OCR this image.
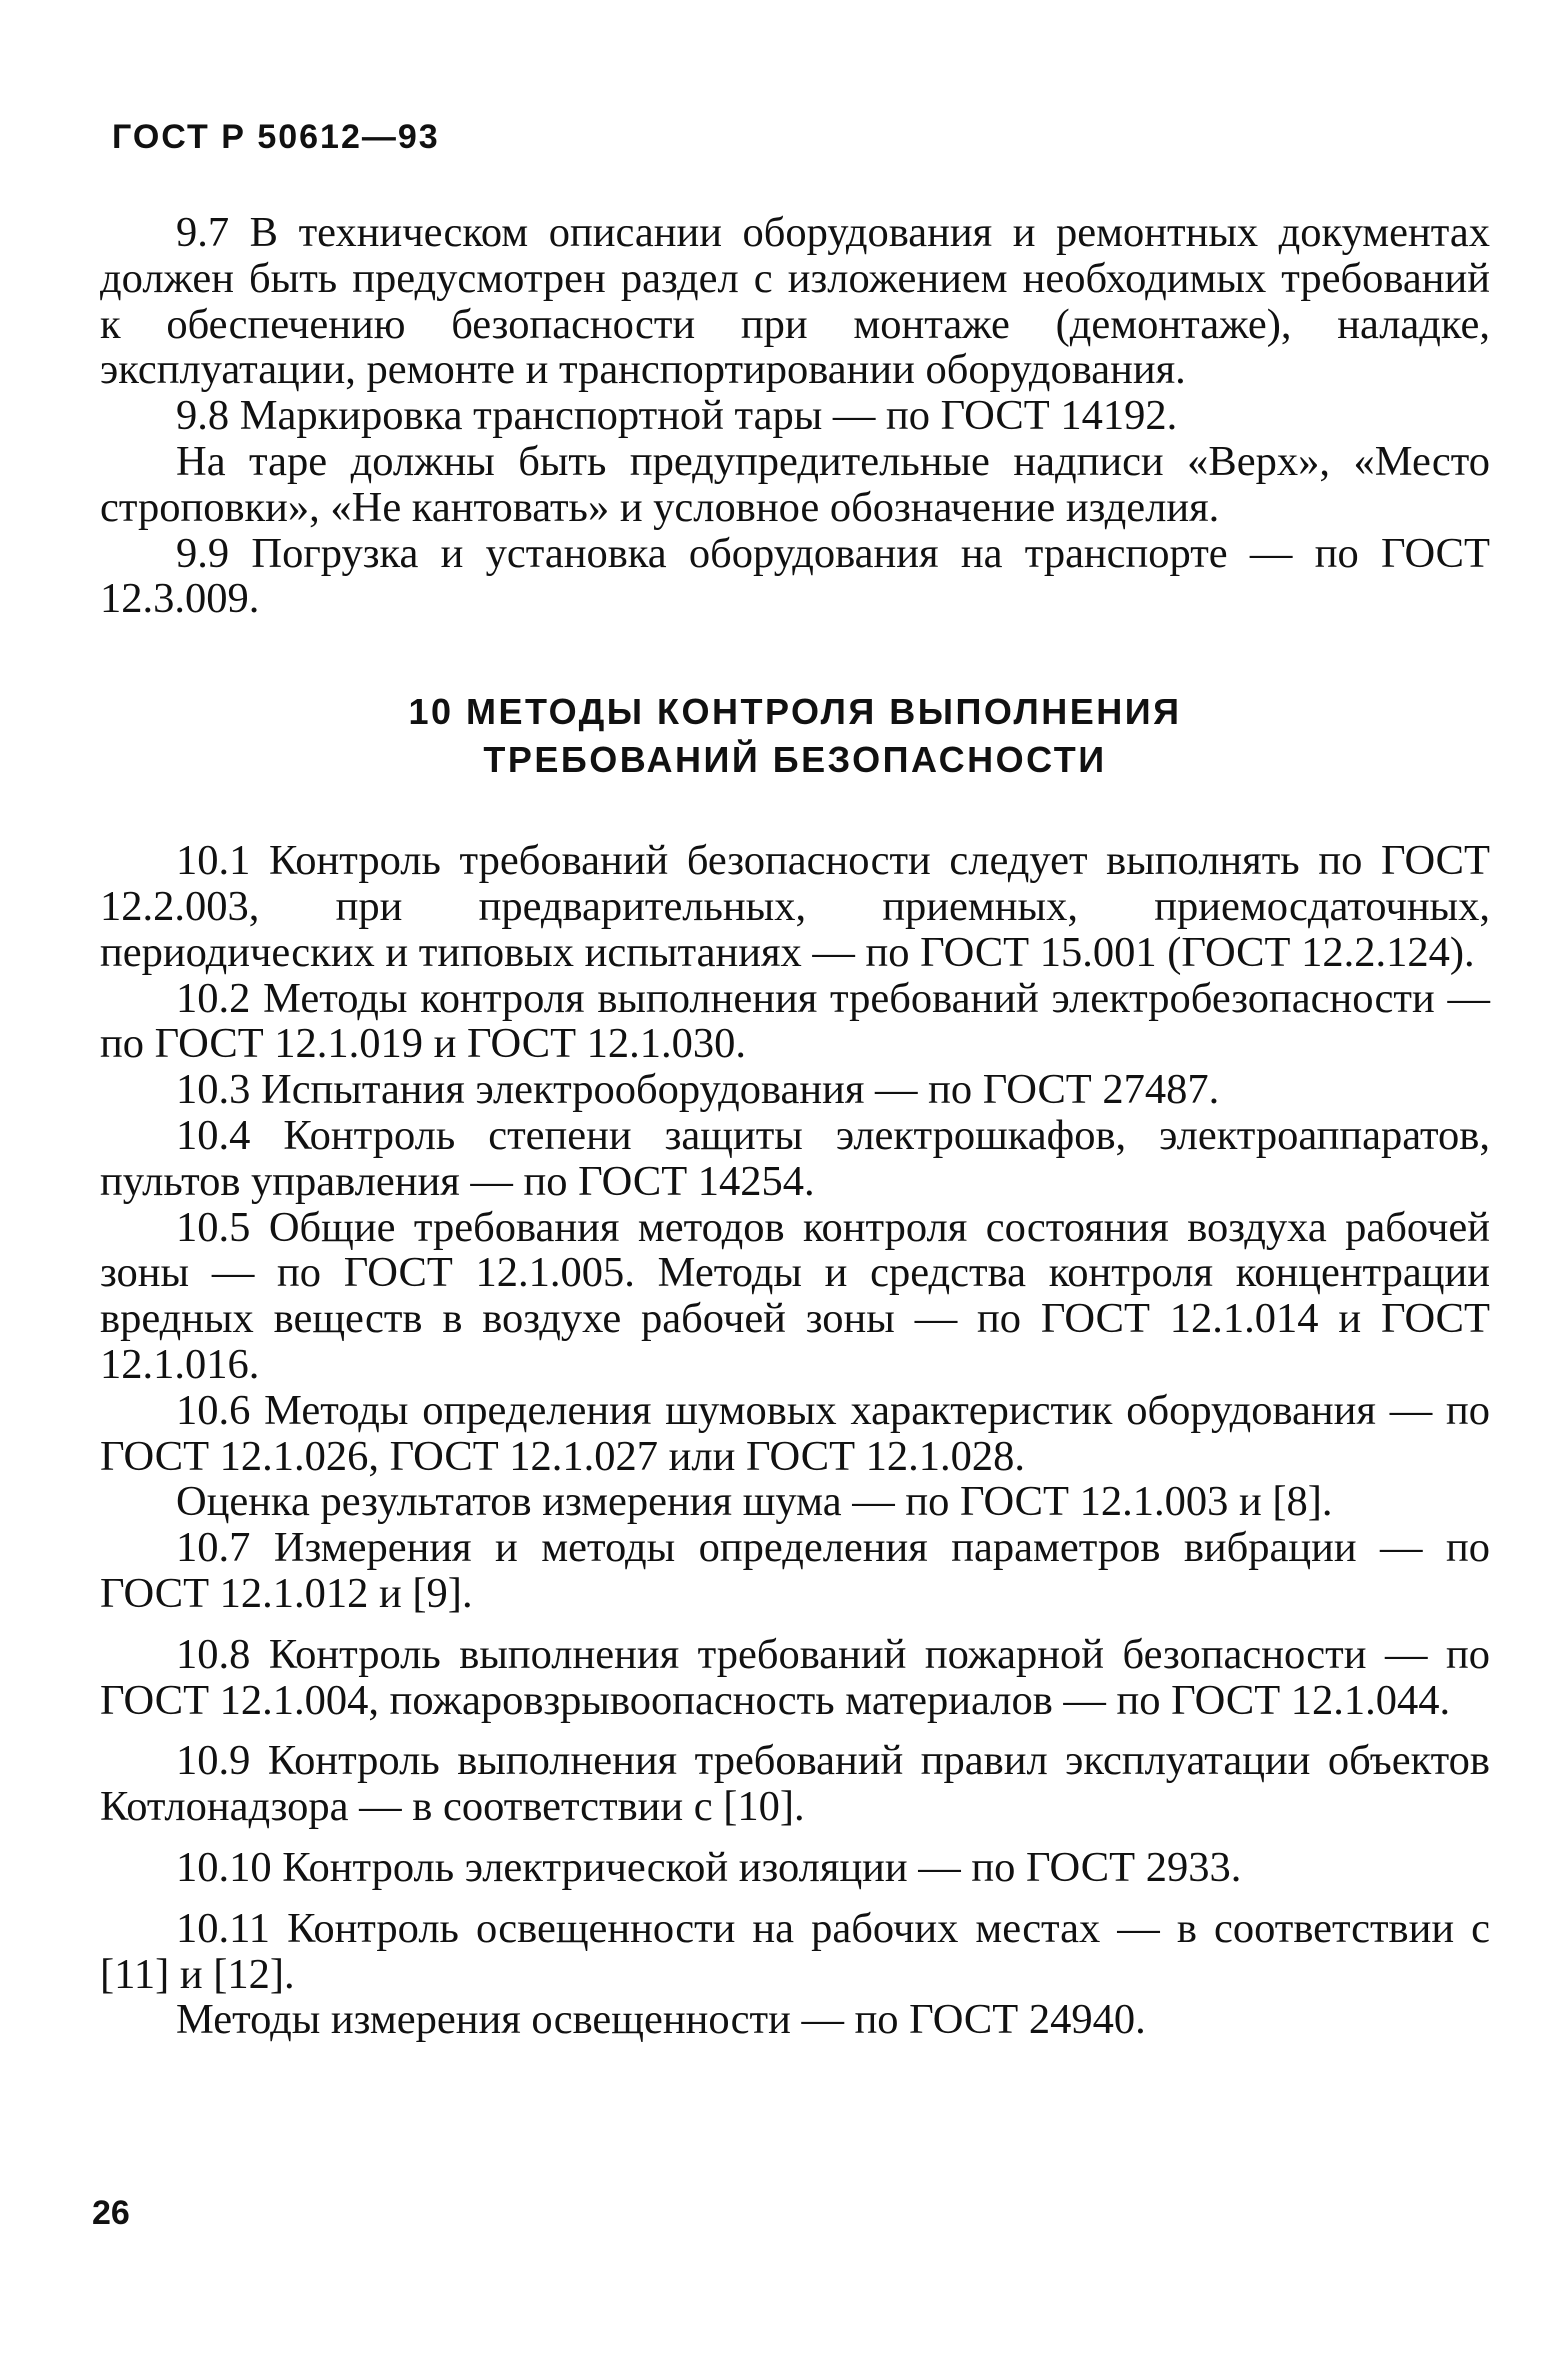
ГОСТ Р 50612—93

9.7 В техническом описании оборудования и ремонтных документах должен быть предусмотрен раздел с изложением необходимых требований к обеспечению безопасности при монтаже (демонтаже), наладке, эксплуатации, ремонте и транспортировании оборудования.

9.8 Маркировка транспортной тары — по ГОСТ 14192.

На таре должны быть предупредительные надписи «Верх», «Место строповки», «Не кантовать» и условное обозначение изделия.

9.9 Погрузка и установка оборудования на транспорте — по ГОСТ 12.3.009.

10 МЕТОДЫ КОНТРОЛЯ ВЫПОЛНЕНИЯ
ТРЕБОВАНИЙ БЕЗОПАСНОСТИ

10.1 Контроль требований безопасности следует выполнять по ГОСТ 12.2.003, при предварительных, приемных, приемосдаточных, периодических и типовых испытаниях — по ГОСТ 15.001 (ГОСТ 12.2.124).

10.2 Методы контроля выполнения требований электробезопасности — по ГОСТ 12.1.019 и ГОСТ 12.1.030.

10.3 Испытания электрооборудования — по ГОСТ 27487.

10.4 Контроль степени защиты электрошкафов, электроаппаратов, пультов управления — по ГОСТ 14254.

10.5 Общие требования методов контроля состояния воздуха рабочей зоны — по ГОСТ 12.1.005. Методы и средства контроля концентрации вредных веществ в воздухе рабочей зоны — по ГОСТ 12.1.014 и ГОСТ 12.1.016.

10.6 Методы определения шумовых характеристик оборудования — по ГОСТ 12.1.026, ГОСТ 12.1.027 или ГОСТ 12.1.028.

Оценка результатов измерения шума — по ГОСТ 12.1.003 и [8].

10.7 Измерения и методы определения параметров вибрации — по ГОСТ 12.1.012 и [9].

10.8 Контроль выполнения требований пожарной безопасности — по ГОСТ 12.1.004, пожаровзрывоопасность материалов — по ГОСТ 12.1.044.

10.9 Контроль выполнения требований правил эксплуатации объектов Котлонадзора — в соответствии с [10].

10.10 Контроль электрической изоляции — по ГОСТ 2933.

10.11 Контроль освещенности на рабочих местах — в соответствии с [11] и [12].

Методы измерения освещенности — по ГОСТ 24940.

26
